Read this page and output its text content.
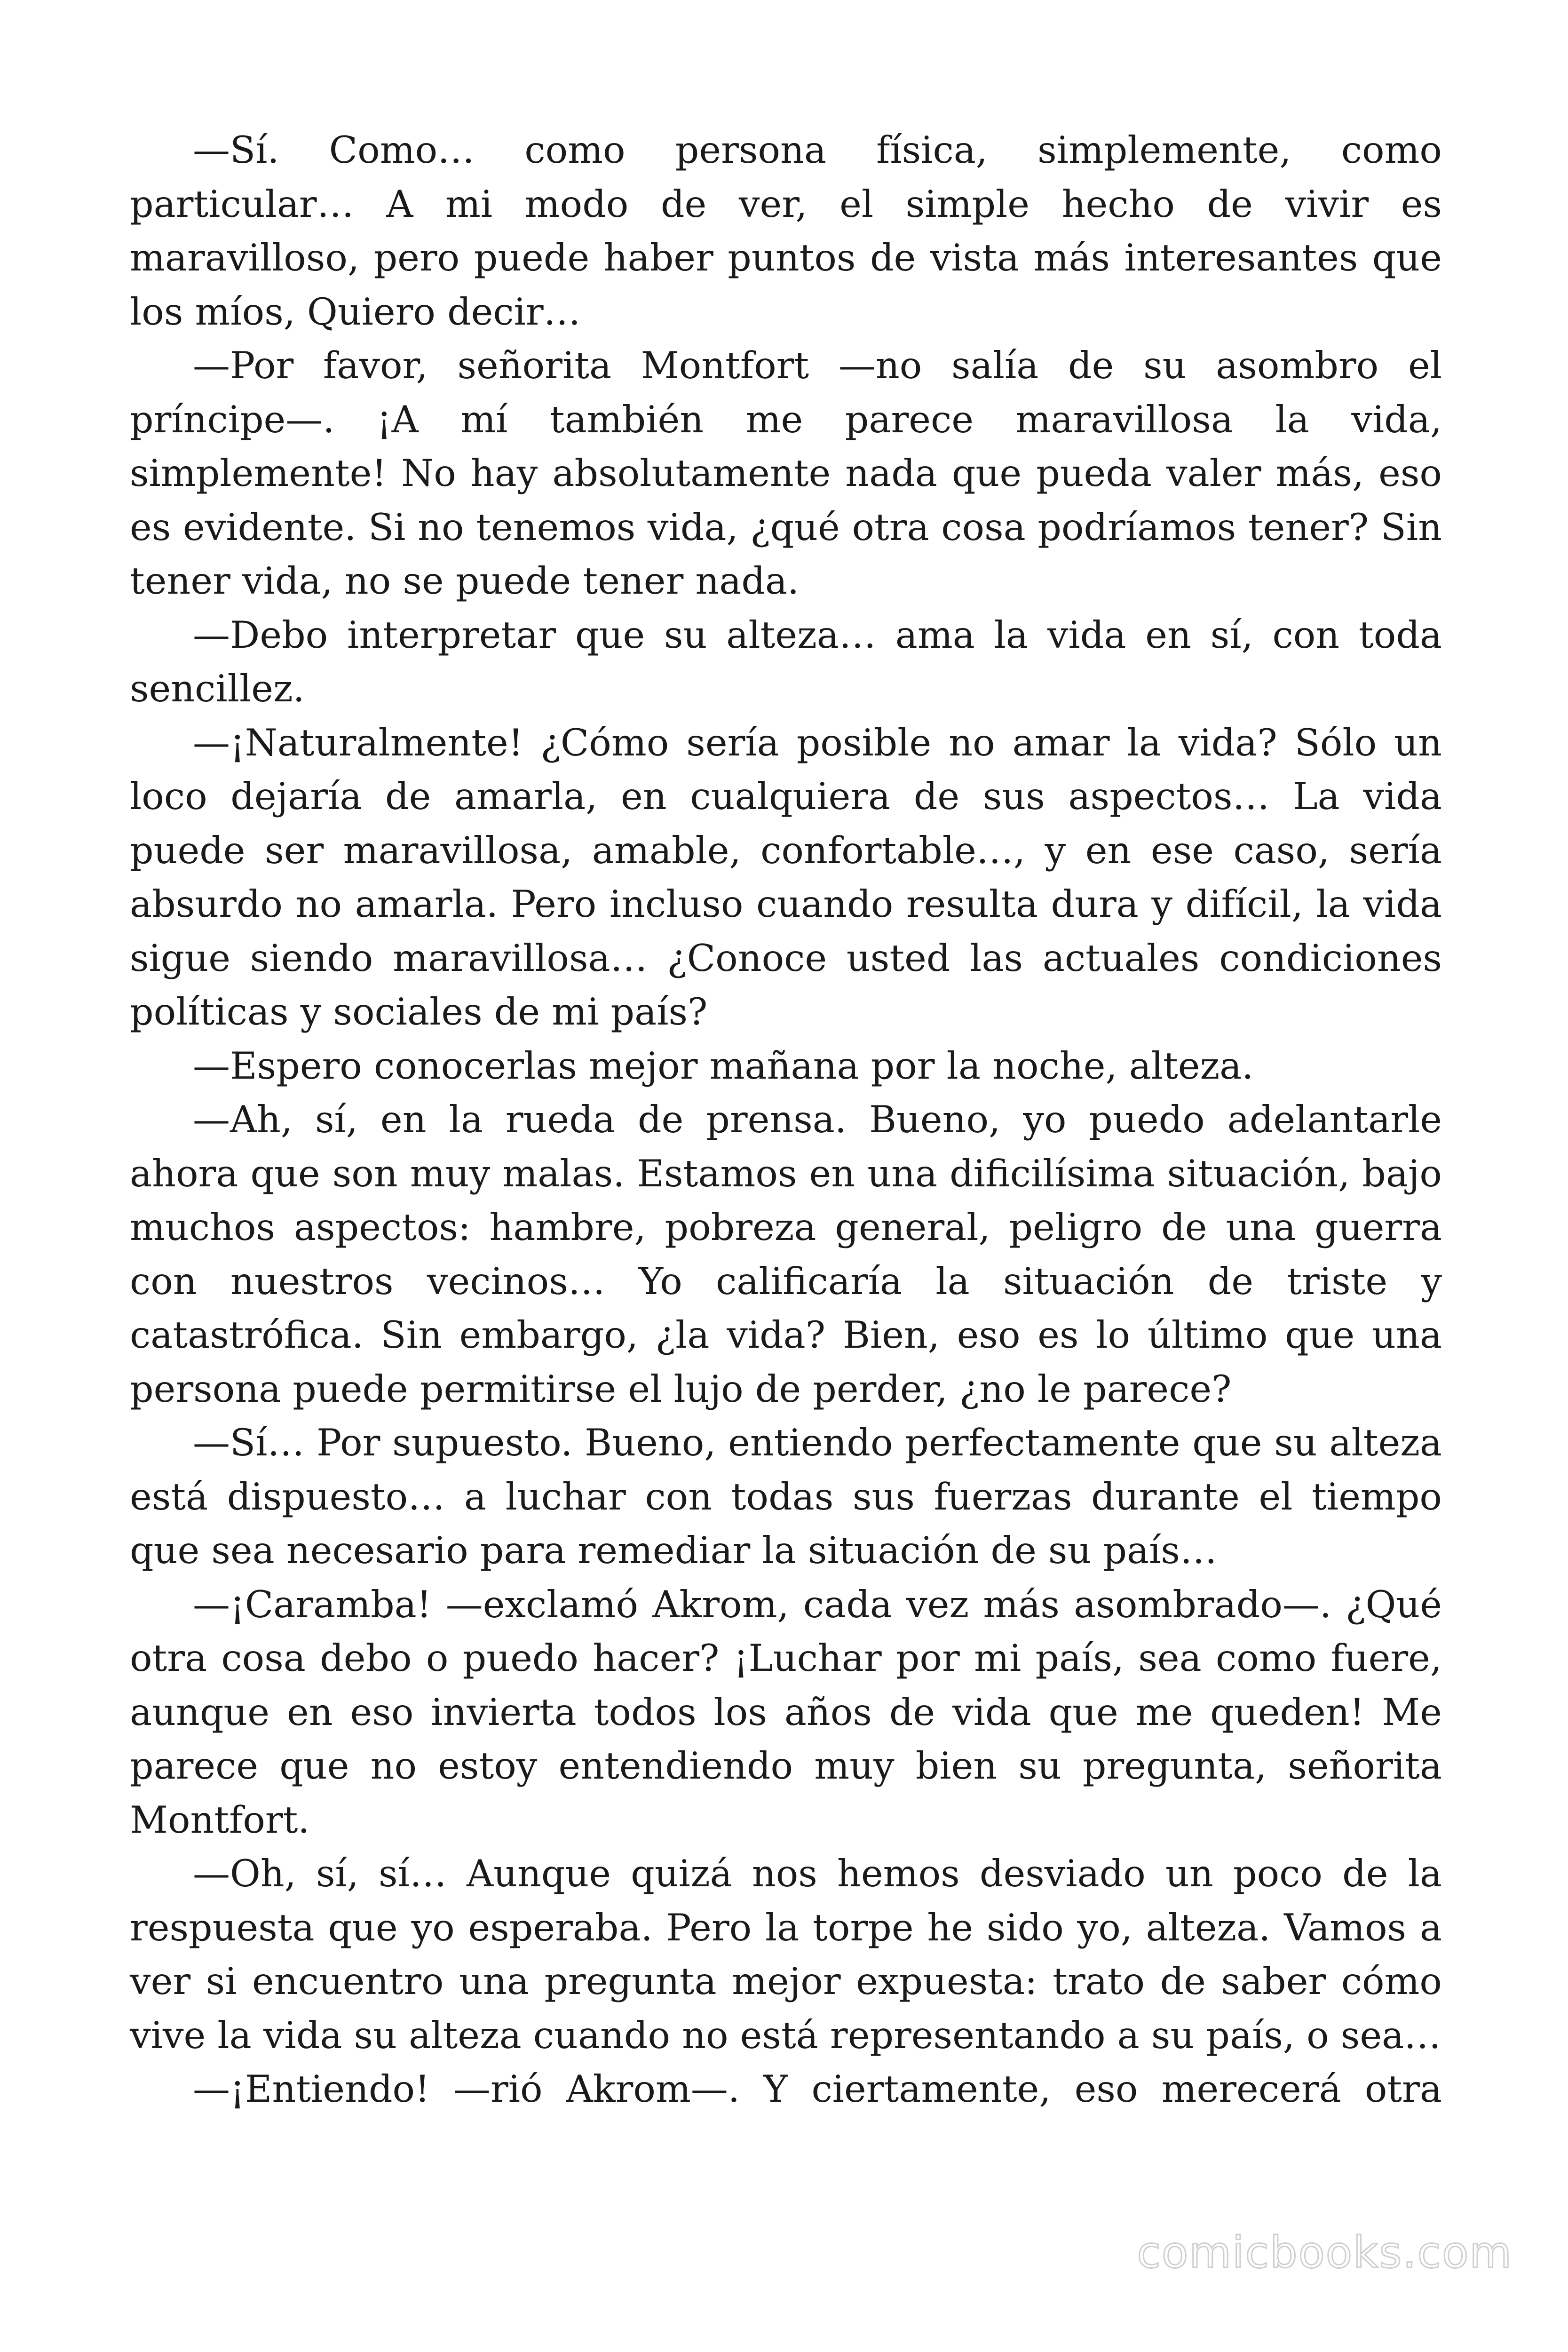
—Sí. Como… como persona física, simplemente, como particular… A mi modo de ver, el simple hecho de vivir es maravilloso, pero puede haber puntos de vista más interesantes que los míos, Quiero decir…

—Por favor, señorita Montfort —no salía de su asombro el príncipe—. ¡A mí también me parece maravillosa la vida, simplemente! No hay absolutamente nada que pueda valer más, eso es evidente. Si no tenemos vida, ¿qué otra cosa podríamos tener? Sin tener vida, no se puede tener nada.

—Debo interpretar que su alteza… ama la vida en sí, con toda sencillez.

—¡Naturalmente! ¿Cómo sería posible no amar la vida? Sólo un loco dejaría de amarla, en cualquiera de sus aspectos… La vida puede ser maravillosa, amable, confortable…, y en ese caso, sería absurdo no amarla. Pero incluso cuando resulta dura y difícil, la vida sigue siendo maravillosa… ¿Conoce usted las actuales condiciones políticas y sociales de mi país?

—Espero conocerlas mejor mañana por la noche, alteza.

—Ah, sí, en la rueda de prensa. Bueno, yo puedo adelantarle ahora que son muy malas. Estamos en una dificilísima situación, bajo muchos aspectos: hambre, pobreza general, peligro de una guerra con nuestros vecinos… Yo calificaría la situación de triste y catastrófica. Sin embargo, ¿la vida? Bien, eso es lo último que una persona puede permitirse el lujo de perder, ¿no le parece?

—Sí… Por supuesto. Bueno, entiendo perfectamente que su alteza está dispuesto… a luchar con todas sus fuerzas durante el tiempo que sea necesario para remediar la situación de su país…

—¡Caramba! —exclamó Akrom, cada vez más asombrado—. ¿Qué otra cosa debo o puedo hacer? ¡Luchar por mi país, sea como fuere, aunque en eso invierta todos los años de vida que me queden! Me parece que no estoy entendiendo muy bien su pregunta, señorita Montfort.

—Oh, sí, sí… Aunque quizá nos hemos desviado un poco de la respuesta que yo esperaba. Pero la torpe he sido yo, alteza. Vamos a ver si encuentro una pregunta mejor expuesta: trato de saber cómo vive la vida su alteza cuando no está representando a su país, o sea…

—¡Entiendo! —rió Akrom—. Y ciertamente, eso merecerá otra

comicbooks.com
